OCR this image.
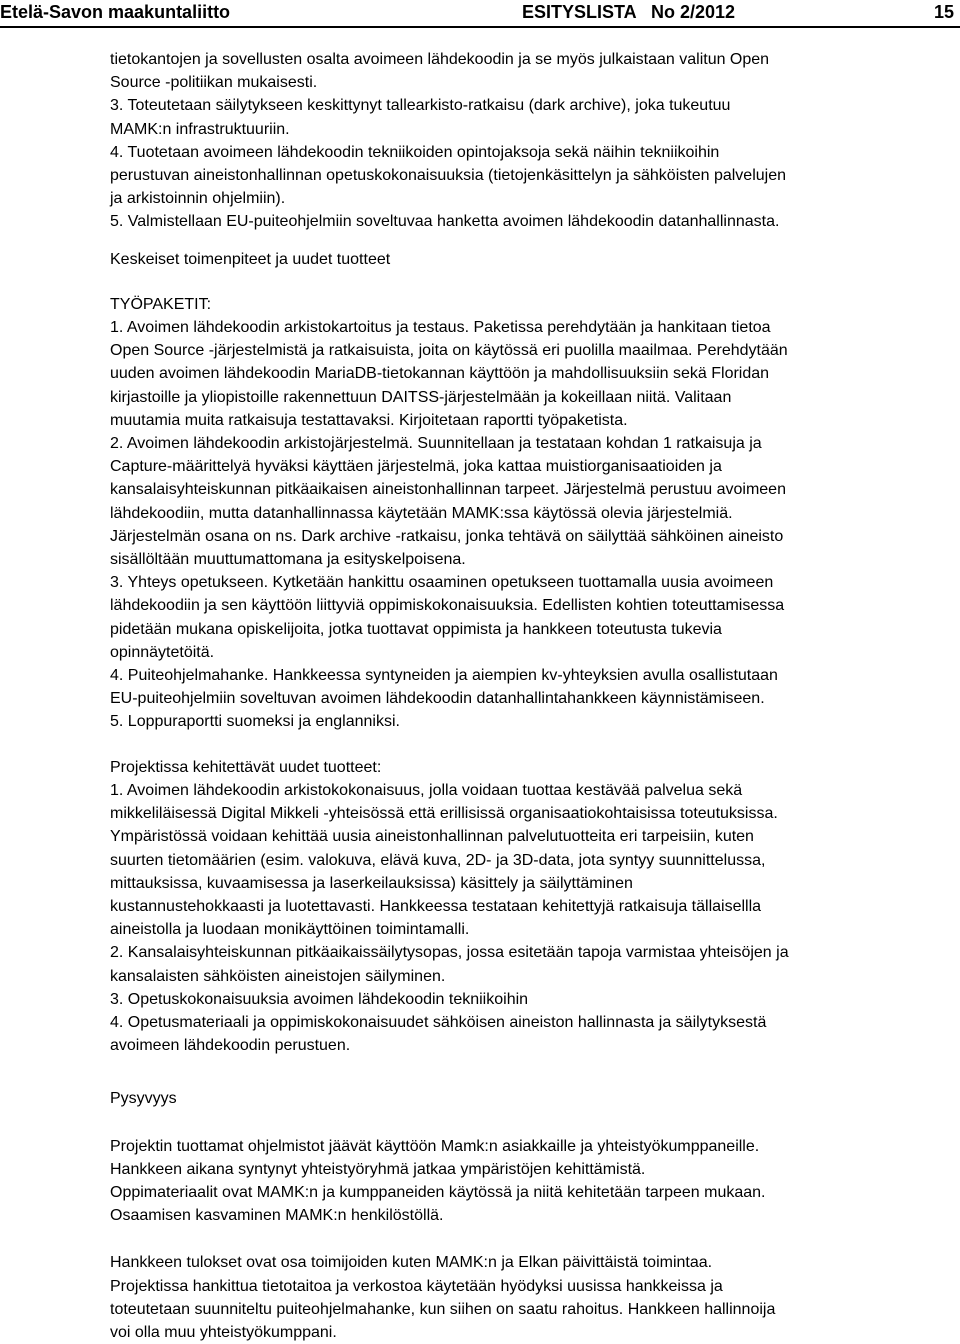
Etelä-Savon maakuntaliitto	ESITYSLISTA   No 2/2012	15

tietokantojen ja sovellusten osalta avoimeen lähdekoodin ja se myös julkaistaan valitun Open
Source -politiikan mukaisesti.

3. Toteutetaan säilytykseen keskittynyt tallearkisto-ratkaisu (dark archive), joka tukeutuu
MAMK:n infrastruktuuriin.

4. Tuotetaan avoimeen lähdekoodin tekniikoiden opintojaksoja sekä näihin tekniikoihin
perustuvan aineistonhallinnan opetuskokonaisuuksia (tietojenkäsittelyn ja sähköisten palvelujen
ja arkistoinnin ohjelmiin).

5. Valmistellaan EU-puiteohjelmiin soveltuvaa hanketta avoimen lähdekoodin datanhallinnasta.

Keskeiset toimenpiteet ja uudet tuotteet

TYÖPAKETIT:

1. Avoimen lähdekoodin arkistokartoitus ja testaus. Paketissa perehdytään ja hankitaan tietoa
Open Source -järjestelmistä ja ratkaisuista, joita on käytössä eri puolilla maailmaa. Perehdytään
uuden avoimen lähdekoodin MariaDB-tietokannan käyttöön ja mahdollisuuksiin sekä Floridan
kirjastoille ja yliopistoille rakennettuun DAITSS-järjestelmään ja kokeillaan niitä. Valitaan
muutamia muita ratkaisuja testattavaksi. Kirjoitetaan raportti työpaketista.

2. Avoimen lähdekoodin arkistojärjestelmä. Suunnitellaan ja testataan kohdan 1 ratkaisuja ja
Capture-määrittelyä hyväksi käyttäen järjestelmä, joka kattaa muistiorganisaatioiden ja
kansalaisyhteiskunnan pitkäaikaisen aineistonhallinnan tarpeet. Järjestelmä perustuu avoimeen
lähdekoodiin, mutta datanhallinnassa käytetään MAMK:ssa käytössä olevia järjestelmiä.
Järjestelmän osana on ns. Dark archive -ratkaisu, jonka tehtävä on säilyttää sähköinen aineisto
sisällöltään muuttumattomana ja esityskelpoisena.

3. Yhteys opetukseen. Kytketään hankittu osaaminen opetukseen tuottamalla uusia avoimeen
lähdekoodiin ja sen käyttöön liittyviä oppimiskokonaisuuksia. Edellisten kohtien toteuttamisessa
pidetään mukana opiskelijoita, jotka tuottavat oppimista ja hankkeen toteutusta tukevia
opinnäytetöitä.

4. Puiteohjelmahanke. Hankkeessa syntyneiden ja aiempien kv-yhteyksien avulla osallistutaan
EU-puiteohjelmiin soveltuvan avoimen lähdekoodin datanhallintahankkeen käynnistämiseen.

5. Loppuraportti suomeksi ja englanniksi.

Projektissa kehitettävät uudet tuotteet:

1. Avoimen lähdekoodin arkistokokonaisuus, jolla voidaan tuottaa kestävää palvelua sekä
mikkeliläisessä Digital Mikkeli -yhteisössä että erillisissä organisaatiokohtaisissa toteutuksissa.
Ympäristössä voidaan kehittää uusia aineistonhallinnan palvelutuotteita eri tarpeisiin, kuten
suurten tietomäärien (esim. valokuva, elävä kuva, 2D- ja 3D-data, jota syntyy suunnittelussa,
mittauksissa, kuvaamisessa ja laserkeilauksissa) käsittely ja säilyttäminen
kustannustehokkaasti ja luotettavasti. Hankkeessa testataan kehitettyjä ratkaisuja tällaisellla
aineistolla ja luodaan monikäyttöinen toimintamalli.

2. Kansalaisyhteiskunnan pitkäaikaissäilytysopas, jossa esitetään tapoja varmistaa yhteisöjen ja
kansalaisten sähköisten aineistojen säilyminen.

3. Opetuskokonaisuuksia avoimen lähdekoodin tekniikoihin

4. Opetusmateriaali ja oppimiskokonaisuudet sähköisen aineiston hallinnasta ja säilytyksestä
avoimeen lähdekoodin perustuen.

Pysyvyys

Projektin tuottamat ohjelmistot jäävät käyttöön Mamk:n asiakkaille ja yhteistyökumppaneille.
Hankkeen aikana syntynyt yhteistyöryhmä jatkaa ympäristöjen kehittämistä.
Oppimateriaalit ovat MAMK:n ja kumppaneiden käytössä ja niitä kehitetään tarpeen mukaan.
Osaamisen kasvaminen MAMK:n henkilöstöllä.

Hankkeen tulokset ovat osa toimijoiden kuten MAMK:n ja Elkan päivittäistä toimintaa.
Projektissa hankittua tietotaitoa ja verkostoa käytetään hyödyksi uusissa hankkeissa ja
toteutetaan suunniteltu puiteohjelmahanke, kun siihen on saatu rahoitus. Hankkeen hallinnoija
voi olla muu yhteistyökumppani.
